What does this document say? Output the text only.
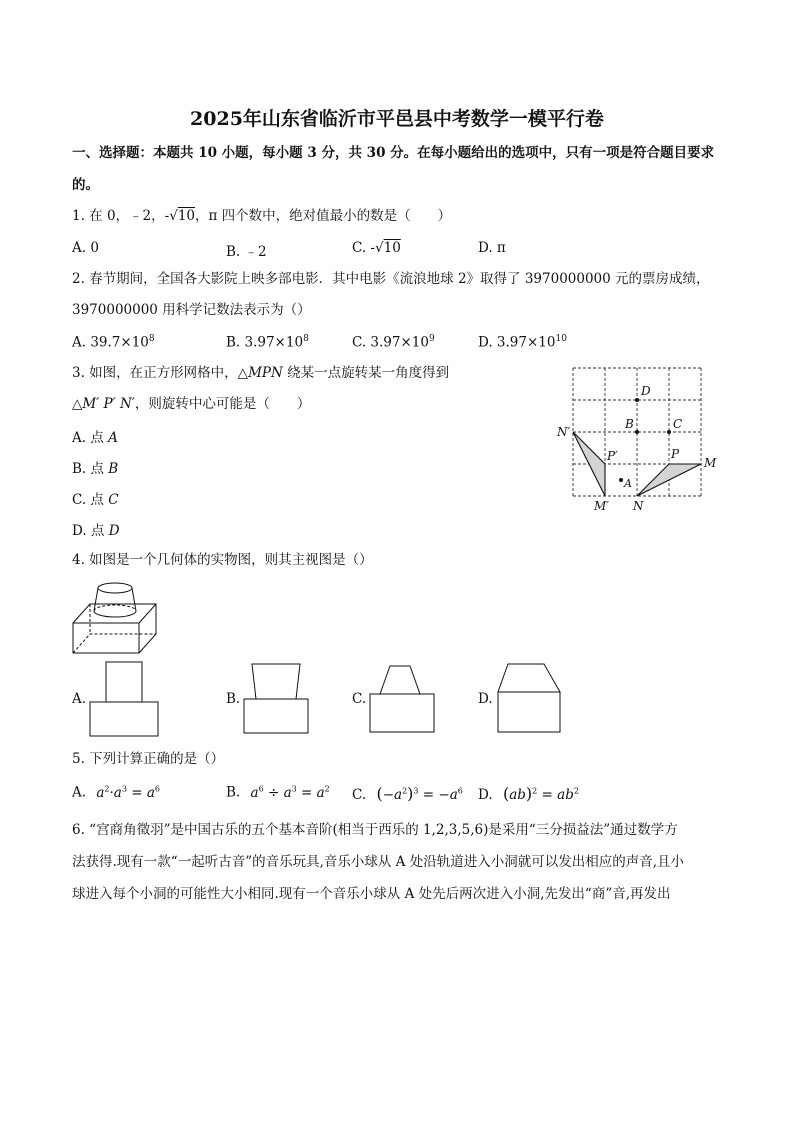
2025年山东省临沂市平邑县中考数学一模平行卷
一、选择题：本题共 10 小题，每小题 3 分，共 30 分。在每小题给出的选项中，只有一项是符合题目要求
的。
1. 在 0，﹣2，-√10，π 四个数中，绝对值最小的数是（　　）
A. 0	B. ﹣2	C. -√10	D. π
2. 春节期间，全国各大影院上映多部电影．其中电影《流浪地球 2》取得了 3970000000 元的票房成绩，
3970000000 用科学记数法表示为（）
A. $39.7\times 10^8$	B. $3.97\times 10^8$	C. $3.97\times 10^9$	D. $3.97\times 10^{10}$
3. 如图，在正方形网格中，△MPN 绕某一点旋转某一角度得到
△M′ P′ N′，则旋转中心可能是（　　）
A. 点 A
B. 点 B
C. 点 C
D. 点 D
D
B	C
N′
P′	P
M
A
M′ N
4. 如图是一个几何体的实物图，则其主视图是（）
A.	B.	C.	D.
5. 下列计算正确的是（）
A. $a^2\cdot a^3 = a^6$	B. $a^6 \div a^3 = a^2$ C. $(-a^2)^3 = -a^6$ D. $(ab)^2 = ab^2$
6. “宫商角徵羽”是中国古乐的五个基本音阶(相当于西乐的 1,2,3,5,6)是采用“三分损益法”通过数学方
法获得.现有一款“一起听古音”的音乐玩具,音乐小球从 A 处沿轨道进入小洞就可以发出相应的声音,且小
球进入每个小洞的可能性大小相同.现有一个音乐小球从 A 处先后两次进入小洞,先发出“商”音,再发出
